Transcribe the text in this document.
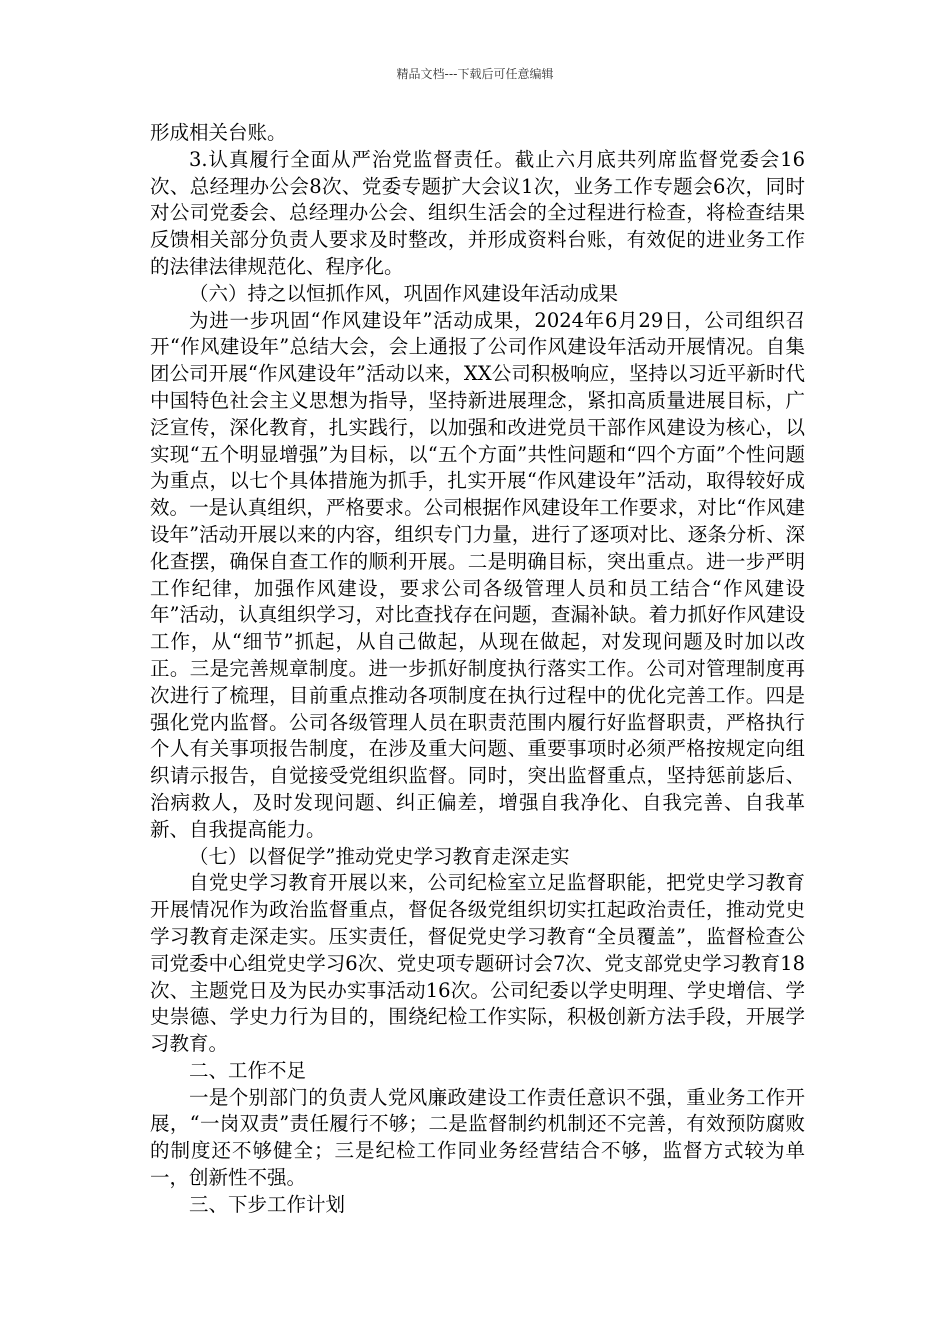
精品文档---下载后可任意编辑

形成相关台账。

3.认真履行全面从严治党监督责任。截止六月底共列席监督党委会16次、总经理办公会8次、党委专题扩大会议1次，业务工作专题会6次，同时对公司党委会、总经理办公会、组织生活会的全过程进行检查，将检查结果反馈相关部分负责人要求及时整改，并形成资料台账，有效促的进业务工作的法律法律规范化、程序化。

（六）持之以恒抓作风，巩固作风建设年活动成果

为进一步巩固“作风建设年”活动成果，2024年6月29日，公司组织召开“作风建设年”总结大会，会上通报了公司作风建设年活动开展情况。自集团公司开展“作风建设年”活动以来，XX公司积极响应，坚持以习近平新时代中国特色社会主义思想为指导，坚持新进展理念，紧扣高质量进展目标，广泛宣传，深化教育，扎实践行，以加强和改进党员干部作风建设为核心，以实现“五个明显增强”为目标，以“五个方面”共性问题和“四个方面”个性问题为重点，以七个具体措施为抓手，扎实开展“作风建设年”活动，取得较好成效。一是认真组织，严格要求。公司根据作风建设年工作要求，对比“作风建设年”活动开展以来的内容，组织专门力量，进行了逐项对比、逐条分析、深化查摆，确保自查工作的顺利开展。二是明确目标，突出重点。进一步严明工作纪律，加强作风建设，要求公司各级管理人员和员工结合“作风建设年”活动，认真组织学习，对比查找存在问题，查漏补缺。着力抓好作风建设工作，从“细节”抓起，从自己做起，从现在做起，对发现问题及时加以改正。三是完善规章制度。进一步抓好制度执行落实工作。公司对管理制度再次进行了梳理，目前重点推动各项制度在执行过程中的优化完善工作。四是强化党内监督。公司各级管理人员在职责范围内履行好监督职责，严格执行个人有关事项报告制度，在涉及重大问题、重要事项时必须严格按规定向组织请示报告，自觉接受党组织监督。同时，突出监督重点，坚持惩前毖后、治病救人，及时发现问题、纠正偏差，增强自我净化、自我完善、自我革新、自我提高能力。

（七）以督促学”推动党史学习教育走深走实

自党史学习教育开展以来，公司纪检室立足监督职能，把党史学习教育开展情况作为政治监督重点，督促各级党组织切实扛起政治责任，推动党史学习教育走深走实。压实责任，督促党史学习教育“全员覆盖”，监督检查公司党委中心组党史学习6次、党史项专题研讨会7次、党支部党史学习教育18次、主题党日及为民办实事活动16次。公司纪委以学史明理、学史增信、学史崇德、学史力行为目的，围绕纪检工作实际，积极创新方法手段，开展学习教育。

二、工作不足

一是个别部门的负责人党风廉政建设工作责任意识不强，重业务工作开展，“一岗双责”责任履行不够；二是监督制约机制还不完善，有效预防腐败的制度还不够健全；三是纪检工作同业务经营结合不够，监督方式较为单一，创新性不强。

三、下步工作计划
